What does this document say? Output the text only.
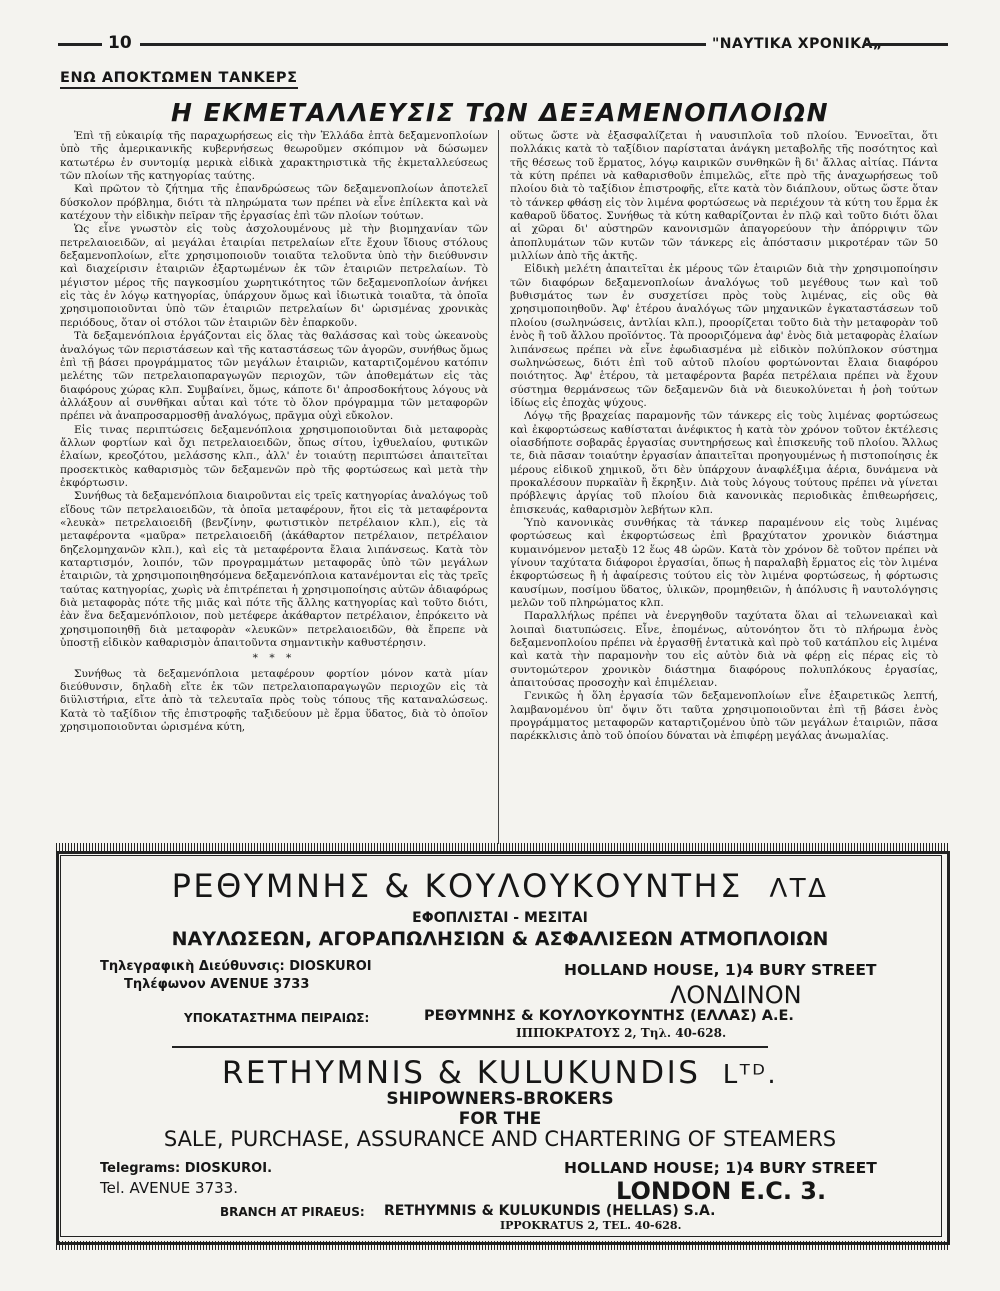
10	"ΝΑΥΤΙΚΑ ΧΡΟΝΙΚΑ„
ΕΝΩ ΑΠΟΚΤΩΜΕΝ ΤΑΝΚΕΡΣ
Η ΕΚΜΕΤΑΛΛΕΥΣΙΣ ΤΩΝ ΔΕΞΑΜΕΝΟΠΛΟΙΩΝ

Ἐπὶ τῇ εὐκαιρίᾳ τῆς παραχωρήσεως εἰς τὴν Ἑλλάδα ἑπτὰ δεξαμενοπλοίων ὑπὸ τῆς ἀμερικανικῆς κυβερνήσεως θεωροῦμεν σκόπιμον νὰ δώσωμεν κατωτέρω ἐν συντομίᾳ μερικὰ εἰδικὰ χαρακτηριστικὰ τῆς ἐκμεταλλεύσεως τῶν πλοίων τῆς κατηγορίας ταύτης.

Καὶ πρῶτον τὸ ζήτημα τῆς ἐπανδρώσεως τῶν δεξαμενοπλοίων ἀποτελεῖ δύσκολον πρόβλημα, διότι τὰ πληρώματα των πρέπει νὰ εἶνε ἐπίλεκτα καὶ νὰ κατέχουν τὴν εἰδικὴν πεῖραν τῆς ἐργασίας ἐπὶ τῶν πλοίων τούτων.

Ὡς εἶνε γνωστὸν εἰς τοὺς ἀσχολουμένους μὲ τὴν βιομηχανίαν τῶν πετρελαιοειδῶν, αἱ μεγάλαι ἑταιρίαι πετρελαίων εἴτε ἔχουν ἴδιους στόλους δεξαμενοπλοίων, εἴτε χρησιμοποιοῦν τοιαῦτα τελοῦντα ὑπὸ τὴν διεύθυνσιν καὶ διαχείρισιν ἑταιριῶν ἐξαρτωμένων ἐκ τῶν ἑταιριῶν πετρελαίων. Τὸ μέγιστον μέρος τῆς παγκοσμίου χωρητικότητος τῶν δεξαμενοπλοίων ἀνήκει εἰς τὰς ἐν λόγῳ κατηγορίας, ὑπάρχουν ὅμως καὶ ἰδιωτικὰ τοιαῦτα, τὰ ὁποῖα χρησιμοποιοῦνται ὑπὸ τῶν ἑταιριῶν πετρελαίων δι' ὡρισμένας χρονικὰς περιόδους, ὅταν οἱ στόλοι τῶν ἑταιριῶν δὲν ἐπαρκοῦν.

Τὰ δεξαμενόπλοια ἐργάζονται εἰς ὅλας τὰς θαλάσσας καὶ τοὺς ὠκεανοὺς ἀναλόγως τῶν περιστάσεων καὶ τῆς καταστάσεως τῶν ἀγορῶν, συνήθως ὅμως ἐπὶ τῇ βάσει προγράμματος τῶν μεγάλων ἑταιριῶν, καταρτιζομένου κατόπιν μελέτης τῶν πετρελαιοπαραγωγῶν περιοχῶν, τῶν ἀποθεμάτων εἰς τὰς διαφόρους χώρας κλπ. Συμβαίνει, ὅμως, κάποτε δι' ἀπροσδοκήτους λόγους νὰ ἀλλάξουν αἱ συνθῆκαι αὗται καὶ τότε τὸ ὅλον πρόγραμμα τῶν μεταφορῶν πρέπει νὰ ἀναπροσαρμοσθῇ ἀναλόγως, πρᾶγμα οὐχὶ εὔκολον.

Εἰς τινας περιπτώσεις δεξαμενόπλοια χρησιμοποιοῦνται διὰ μεταφορὰς ἄλλων φορτίων καὶ ὄχι πετρελαιοειδῶν, ὅπως σίτου, ἰχθυελαίου, φυτικῶν ἐλαίων, κρεοζότου, μελάσσης κλπ., ἀλλ' ἐν τοιαύτῃ περιπτώσει ἀπαιτεῖται προσεκτικὸς καθαρισμὸς τῶν δεξαμενῶν πρὸ τῆς φορτώσεως καὶ μετὰ τὴν ἐκφόρτωσιν.

Συνήθως τὰ δεξαμενόπλοια διαιροῦνται εἰς τρεῖς κατηγορίας ἀναλόγως τοῦ εἴδους τῶν πετρελαιοειδῶν, τὰ ὁποῖα μεταφέρουν, ἤτοι εἰς τὰ μεταφέροντα «λευκὰ» πετρελαιοειδῆ (βενζίνην, φωτιστικὸν πετρέλαιον κλπ.), εἰς τὰ μεταφέροντα «μαῦρα» πετρελαιοειδῆ (ἀκάθαρτον πετρέλαιον, πετρέλαιον δηζελομηχανῶν κλπ.), καὶ εἰς τὰ μεταφέροντα ἔλαια λιπάνσεως. Κατὰ τὸν καταρτισμόν, λοιπόν, τῶν προγραμμάτων μεταφορᾶς ὑπὸ τῶν μεγάλων ἑταιριῶν, τὰ χρησιμοποιηθησόμενα δεξαμενόπλοια κατανέμονται εἰς τὰς τρεῖς ταύτας κατηγορίας, χωρὶς νὰ ἐπιτρέπεται ἡ χρησιμοποίησις αὐτῶν ἀδιαφόρως διὰ μεταφορὰς πότε τῆς μιᾶς καὶ πότε τῆς ἄλλης κατηγορίας καὶ τοῦτο διότι, ἐὰν ἕνα δεξαμενόπλοιον, ποὺ μετέφερε ἀκάθαρτον πετρέλαιον, ἐπρόκειτο νὰ χρησιμοποιηθῇ διὰ μεταφορὰν «λευκῶν» πετρελαιοειδῶν, θὰ ἔπρεπε νὰ ὑποστῇ εἰδικὸν καθαρισμὸν ἀπαιτοῦντα σημαντικὴν καθυστέρησιν.

* * *

Συνήθως τὰ δεξαμενόπλοια μεταφέρουν φορτίον μόνον κατὰ μίαν διεύθυνσιν, δηλαδὴ εἴτε ἐκ τῶν πετρελαιοπαραγωγῶν περιοχῶν εἰς τὰ διϋλιστήρια, εἴτε ἀπὸ τὰ τελευταῖα πρὸς τοὺς τόπους τῆς καταναλώσεως. Κατὰ τὸ ταξίδιον τῆς ἐπιστροφῆς ταξιδεύουν μὲ ἕρμα ὕδατος, διὰ τὸ ὁποῖον χρησιμοποιοῦνται ὡρισμένα κύτη,

οὕτως ὥστε νὰ ἐξασφαλίζεται ἡ ναυσιπλοΐα τοῦ πλοίου. Ἐννοεῖται, ὅτι πολλάκις κατὰ τὸ ταξίδιον παρίσταται ἀνάγκη μεταβολῆς τῆς ποσότητος καὶ τῆς θέσεως τοῦ ἕρματος, λόγῳ καιρικῶν συνθηκῶν ἢ δι' ἄλλας αἰτίας. Πάντα τὰ κύτη πρέπει νὰ καθαρισθοῦν ἐπιμελῶς, εἴτε πρὸ τῆς ἀναχωρήσεως τοῦ πλοίου διὰ τὸ ταξίδιον ἐπιστροφῆς, εἴτε κατὰ τὸν διάπλουν, οὕτως ὥστε ὅταν τὸ τάνκερ φθάσῃ εἰς τὸν λιμένα φορτώσεως νὰ περιέχουν τὰ κύτη του ἕρμα ἐκ καθαροῦ ὕδατος. Συνήθως τὰ κύτη καθαρίζονται ἐν πλῷ καὶ τοῦτο διότι ὅλαι αἱ χῶραι δι' αὐστηρῶν κανονισμῶν ἀπαγορεύουν τὴν ἀπόρριψιν τῶν ἀποπλυμάτων τῶν κυτῶν τῶν τάνκερς εἰς ἀπόστασιν μικροτέραν τῶν 50 μιλλίων ἀπὸ τῆς ἀκτῆς.

Εἰδικὴ μελέτη ἀπαιτεῖται ἐκ μέρους τῶν ἑταιριῶν διὰ τὴν χρησιμοποίησιν τῶν διαφόρων δεξαμενοπλοίων ἀναλόγως τοῦ μεγέθους των καὶ τοῦ βυθισμάτος των ἐν συσχετίσει πρὸς τοὺς λιμένας, εἰς οὓς θὰ χρησιμοποιηθοῦν. Ἀφ' ἑτέρου ἀναλόγως τῶν μηχανικῶν ἐγκαταστάσεων τοῦ πλοίου (σωληνώσεις, ἀντλίαι κλπ.), προορίζεται τοῦτο διὰ τὴν μεταφορὰν τοῦ ἑνὸς ἢ τοῦ ἄλλου προϊόντος. Τὰ προοριζόμενα ἀφ' ἑνὸς διὰ μεταφορὰς ἐλαίων λιπάνσεως πρέπει νὰ εἶνε ἐφωδιασμένα μὲ εἰδικὸν πολύπλοκον σύστημα σωληνώσεως, διότι ἐπὶ τοῦ αὐτοῦ πλοίου φορτώνονται ἔλαια διαφόρου ποιότητος. Ἀφ' ἑτέρου, τὰ μεταφέροντα βαρέα πετρέλαια πρέπει νὰ ἔχουν σύστημα θερμάνσεως τῶν δεξαμενῶν διὰ νὰ διευκολύνεται ἡ ῥοὴ τούτων ἰδίως εἰς ἐποχὰς ψύχους.

Λόγῳ τῆς βραχείας παραμονῆς τῶν τάνκερς εἰς τοὺς λιμένας φορτώσεως καὶ ἐκφορτώσεως καθίσταται ἀνέφικτος ἡ κατὰ τὸν χρόνον τοῦτον ἐκτέλεσις οἱασδήποτε σοβαρᾶς ἐργασίας συντηρήσεως καὶ ἐπισκευῆς τοῦ πλοίου. Ἄλλως τε, διὰ πᾶσαν τοιαύτην ἐργασίαν ἀπαιτεῖται προηγουμένως ἡ πιστοποίησις ἐκ μέρους εἰδικοῦ χημικοῦ, ὅτι δὲν ὑπάρχουν ἀναφλέξιμα ἀέρια, δυνάμενα νὰ προκαλέσουν πυρκαϊὰν ἢ ἔκρηξιν. Διὰ τοὺς λόγους τούτους πρέπει νὰ γίνεται πρόβλεψις ἀργίας τοῦ πλοίου διὰ κανονικὰς περιοδικὰς ἐπιθεωρήσεις, ἐπισκευάς, καθαρισμὸν λεβήτων κλπ.

Ὑπὸ κανονικὰς συνθήκας τὰ τάνκερ παραμένουν εἰς τοὺς λιμένας φορτώσεως καὶ ἐκφορτώσεως ἐπὶ βραχύτατον χρονικὸν διάστημα κυμαινόμενον μεταξὺ 12 ἕως 48 ὡρῶν. Κατὰ τὸν χρόνον δὲ τοῦτον πρέπει νὰ γίνουν ταχύτατα διάφοροι ἐργασίαι, ὅπως ἡ παραλαβὴ ἕρματος εἰς τὸν λιμένα ἐκφορτώσεως ἢ ἡ ἀφαίρεσις τούτου εἰς τὸν λιμένα φορτώσεως, ἡ φόρτωσις καυσίμων, ποσίμου ὕδατος, ὑλικῶν, προμηθειῶν, ἡ ἀπόλυσις ἢ ναυτολόγησις μελῶν τοῦ πληρώματος κλπ.

Παραλλήλως πρέπει νὰ ἐνεργηθοῦν ταχύτατα ὅλαι αἱ τελωνειακαὶ καὶ λοιπαὶ διατυπώσεις. Εἶνε, ἑπομένως, αὐτονόητον ὅτι τὸ πλήρωμα ἑνὸς δεξαμενοπλοίου πρέπει νὰ ἐργασθῇ ἐντατικὰ καὶ πρὸ τοῦ κατάπλου εἰς λιμένα καὶ κατὰ τὴν παραμονὴν του εἰς αὐτὸν διὰ νὰ φέρῃ εἰς πέρας εἰς τὸ συντομώτερον χρονικὸν διάστημα διαφόρους πολυπλόκους ἐργασίας, ἀπαιτούσας προσοχὴν καὶ ἐπιμέλειαν.

Γενικῶς ἡ ὅλη ἐργασία τῶν δεξαμενοπλοίων εἶνε ἐξαιρετικῶς λεπτή, λαμβανομένου ὑπ' ὄψιν ὅτι ταῦτα χρησιμοποιοῦνται ἐπὶ τῇ βάσει ἑνὸς προγράμματος μεταφορῶν καταρτιζομένου ὑπὸ τῶν μεγάλων ἑταιριῶν, πᾶσα παρέκκλισις ἀπὸ τοῦ ὁποίου δύναται νὰ ἐπιφέρῃ μεγάλας ἀνωμαλίας.

ΡΕΘΥΜΝΗΣ & ΚΟΥΛΟΥΚΟΥΝΤΗΣ ΛΤΔ
ΕΦΟΠΛΙΣΤΑΙ - ΜΕΣΙΤΑΙ
ΝΑΥΛΩΣΕΩΝ, ΑΓΟΡΑΠΩΛΗΣΙΩΝ & ΑΣΦΑΛΙΣΕΩΝ ΑΤΜΟΠΛΟΙΩΝ
Τηλεγραφικὴ Διεύθυνσις: DIOSKUROI
Τηλέφωνον AVENUE 3733
HOLLAND HOUSE, 1)4 BURY STREET
ΛΟΝΔΙΝΟΝ
ΥΠΟΚΑΤΑΣΤΗΜΑ ΠΕΙΡΑΙΩΣ:	ΡΕΘΥΜΝΗΣ & ΚΟΥΛΟΥΚΟΥΝΤΗΣ (ΕΛΛΑΣ) Α.Ε.
ΙΠΠΟΚΡΑΤΟΥΣ 2, Τηλ. 40-628.
RETHYMNIS & KULUKUNDIS Lᵀᴰ.
SHIPOWNERS-BROKERS
FOR THE
SALE, PURCHASE, ASSURANCE AND CHARTERING OF STEAMERS
Telegrams: DIOSKUROI.
Tel. AVENUE 3733.
HOLLAND HOUSE; 1)4 BURY STREET
LONDON E.C. 3.
BRANCH AT PIRAEUS: RETHYMNIS & KULUKUNDIS (HELLAS) S.A.
IPPOKRATUS 2, TEL. 40-628.
